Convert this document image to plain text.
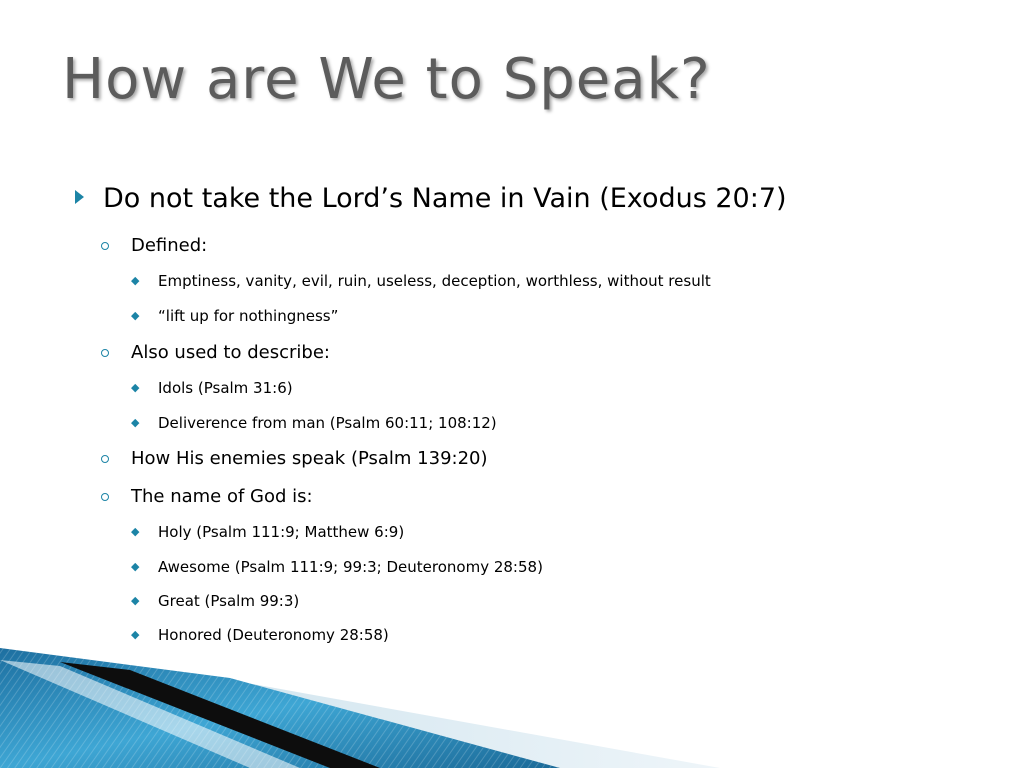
How are We to Speak?
Do not take the Lord’s Name in Vain (Exodus 20:7)
Defined:
◆ Emptiness, vanity, evil, ruin, useless, deception, worthless, without result
◆ “lift up for nothingness”
Also used to describe:
◆ Idols (Psalm 31:6)
◆ Deliverence from man (Psalm 60:11; 108:12)
How His enemies speak (Psalm 139:20)
The name of God is:
◆ Holy (Psalm 111:9; Matthew 6:9)
◆ Awesome (Psalm 111:9; 99:3; Deuteronomy 28:58)
◆ Great (Psalm 99:3)
◆ Honored (Deuteronomy 28:58)
